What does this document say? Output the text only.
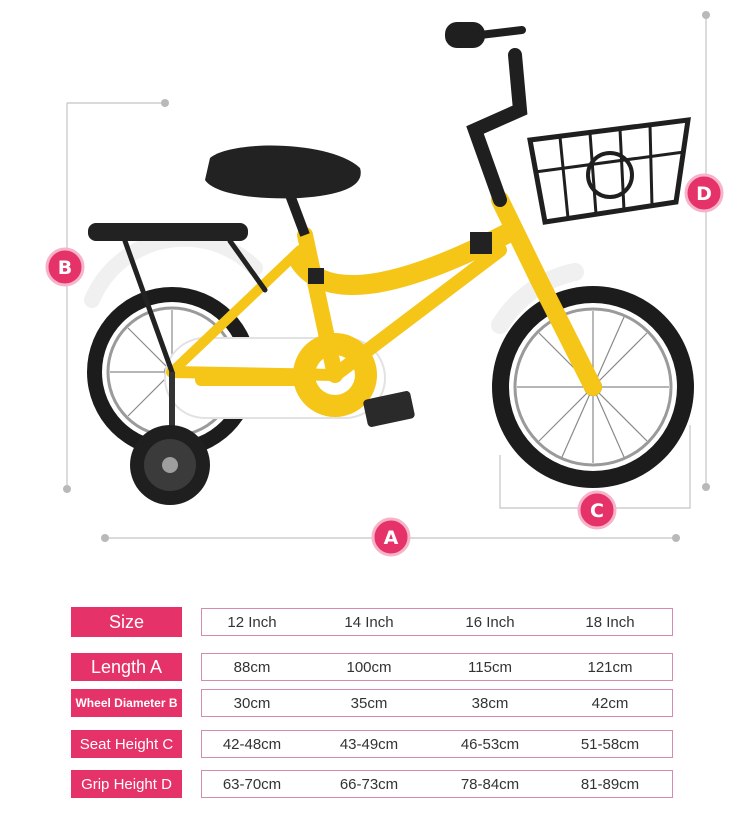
B
A
C
D
Size	12 Inch	14 Inch	16 Inch	18 Inch
Length A	88cm	100cm	115cm	121cm
Wheel Diameter B	30cm	35cm	38cm	42cm
Seat Height C	42-48cm	43-49cm	46-53cm	51-58cm
Grip Height D	63-70cm	66-73cm	78-84cm	81-89cm
